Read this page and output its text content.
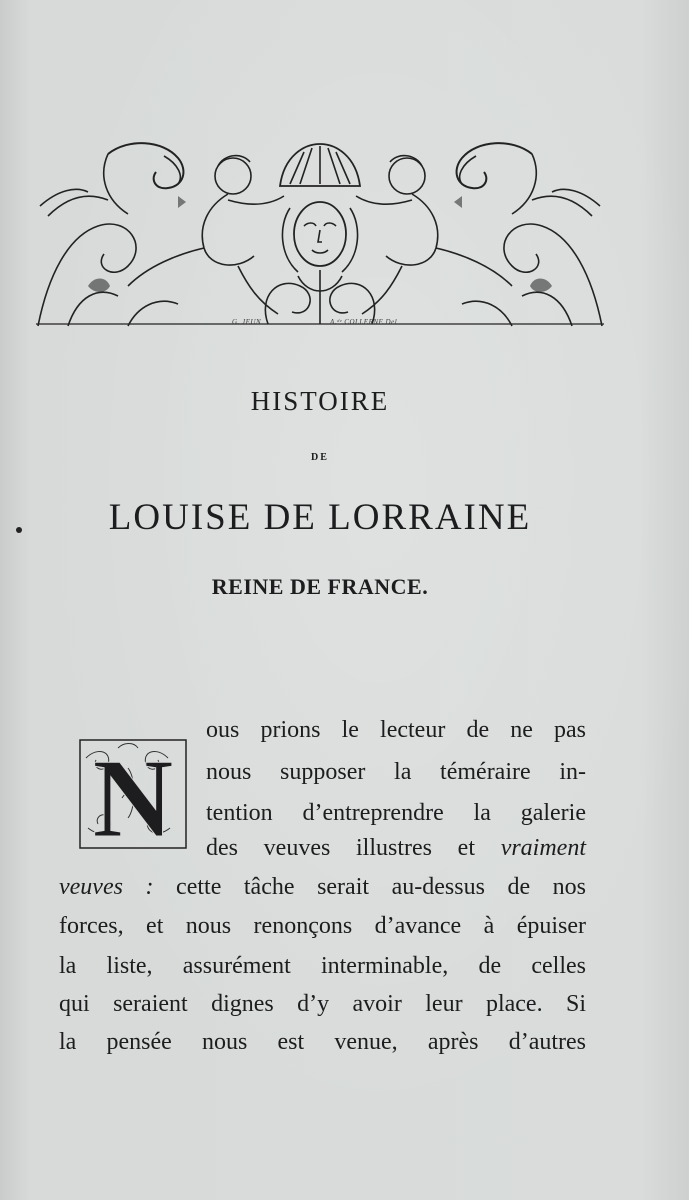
G. JEUN	A.ᵈᵉ COLLERNE Del
HISTOIRE
DE
LOUISE DE LORRAINE
REINE DE FRANCE.
N
ous prions le lecteur de ne pas
nous supposer la téméraire in-
tention d’entreprendre la galerie
des veuves illustres et vraiment
veuves : cette tâche serait au-dessus de nos
forces, et nous renonçons d’avance à épuiser
la liste, assurément interminable, de celles
qui seraient dignes d’y avoir leur place. Si
la pensée nous est venue, après d’autres
